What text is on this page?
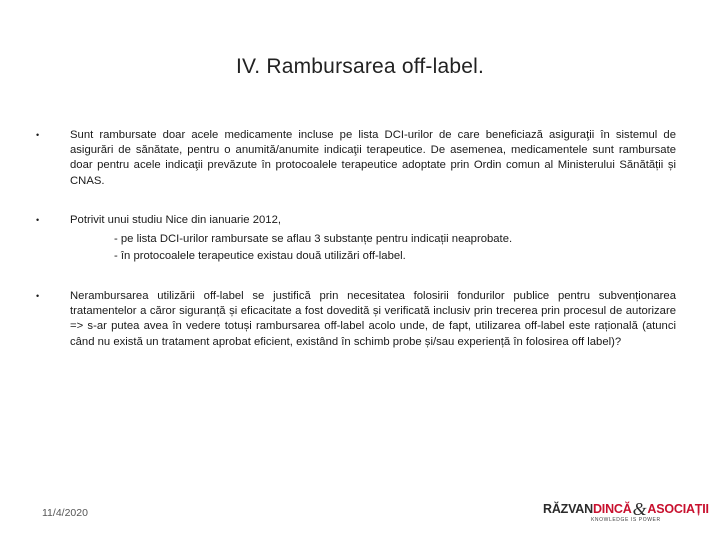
IV. Rambursarea off-label.
•	Sunt rambursate doar acele medicamente incluse pe lista DCI-urilor de care beneficiază asiguraţii în sistemul de asigurări de sănătate, pentru o anumită/anumite indicaţii terapeutice. De asemenea, medicamentele sunt rambursate doar pentru acele indicaţii prevăzute în protocoalele terapeutice adoptate prin Ordin comun al Ministerului Sănătății și CNAS.
•	Potrivit unui studiu Nice din ianuarie 2012,
- pe lista DCI-urilor rambursate se aflau 3 substanțe pentru indicații neaprobate.
- în protocoalele terapeutice existau două utilizări off-label.
•	Nerambursarea utilizării off-label se justifică prin necesitatea folosirii fondurilor publice pentru subvenționarea tratamentelor a căror siguranță și eficacitate a fost dovedită și verificată inclusiv prin trecerea prin procesul de autorizare => s-ar putea avea în vedere totuși rambursarea off-label acolo unde, de fapt, utilizarea off-label este rațională (atunci când nu există un tratament aprobat eficient, existând în schimb probe și/sau experiență în folosirea off label)?
11/4/2020	RĂZVANDINCĂ&ASOCIAȚII
KNOWLEDGE IS POWER
